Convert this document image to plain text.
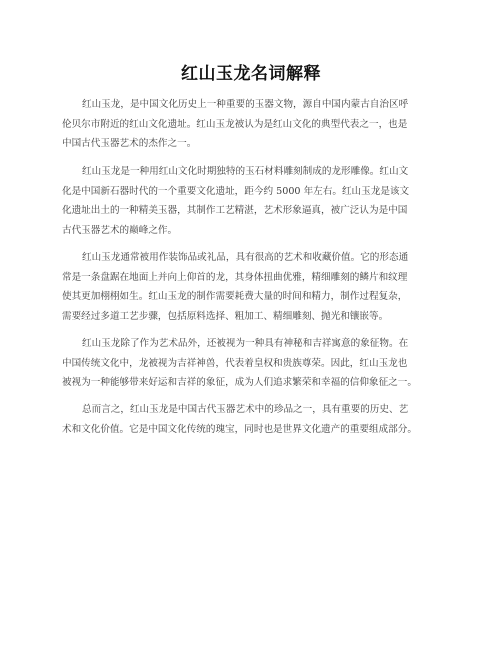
红山玉龙名词解释

红山玉龙，是中国文化历史上一种重要的玉器文物，源自中国内蒙古自治区呼
伦贝尔市附近的红山文化遗址。红山玉龙被认为是红山文化的典型代表之一，也是
中国古代玉器艺术的杰作之一。

红山玉龙是一种用红山文化时期独特的玉石材料雕刻制成的龙形雕像。红山文
化是中国新石器时代的一个重要文化遗址，距今约 5000 年左右。红山玉龙是该文
化遗址出土的一种精美玉器，其制作工艺精湛，艺术形象逼真，被广泛认为是中国
古代玉器艺术的巅峰之作。

红山玉龙通常被用作装饰品或礼品，具有很高的艺术和收藏价值。它的形态通
常是一条盘踞在地面上并向上仰首的龙，其身体扭曲优雅，精细雕刻的鳞片和纹理
使其更加栩栩如生。红山玉龙的制作需要耗费大量的时间和精力，制作过程复杂，
需要经过多道工艺步骤，包括原料选择、粗加工、精细雕刻、抛光和镶嵌等。

红山玉龙除了作为艺术品外，还被视为一种具有神秘和吉祥寓意的象征物。在
中国传统文化中，龙被视为吉祥神兽，代表着皇权和贵族尊荣。因此，红山玉龙也
被视为一种能够带来好运和吉祥的象征，成为人们追求繁荣和幸福的信仰象征之一。

总而言之，红山玉龙是中国古代玉器艺术中的珍品之一，具有重要的历史、艺
术和文化价值。它是中国文化传统的瑰宝，同时也是世界文化遗产的重要组成部分。
